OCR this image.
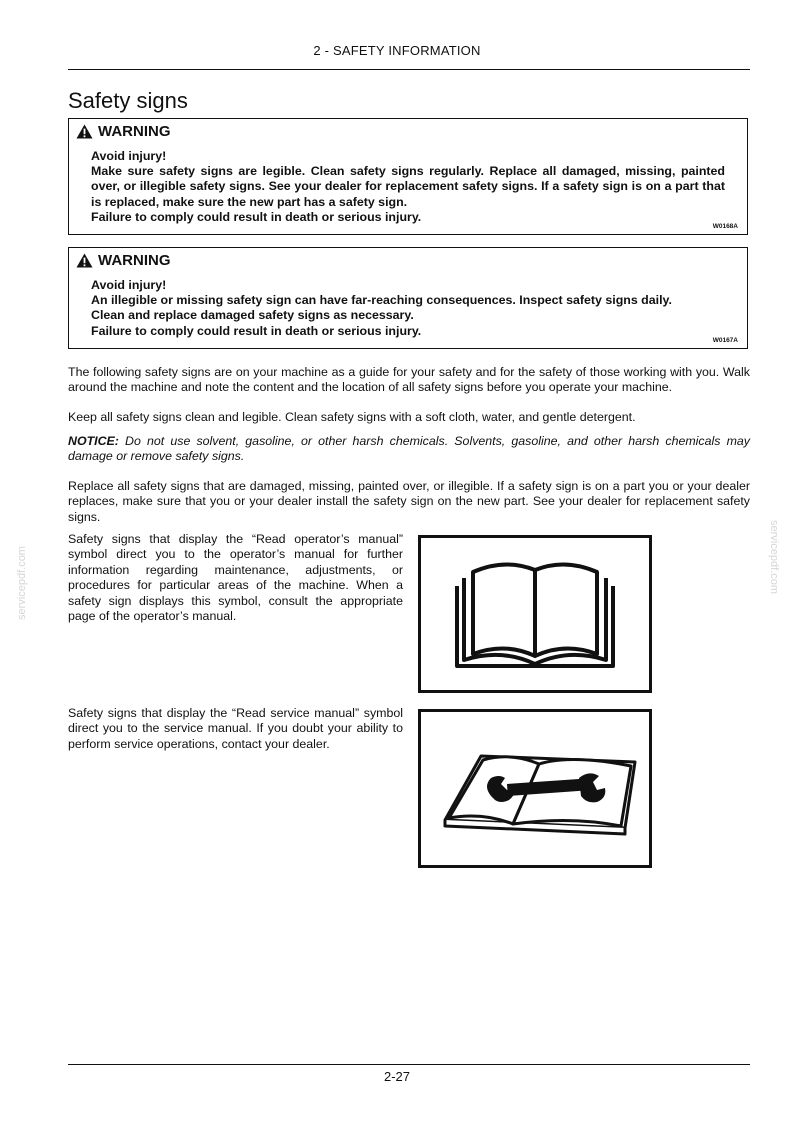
2 - SAFETY INFORMATION
Safety signs
WARNING
Avoid injury!
Make sure safety signs are legible. Clean safety signs regularly. Replace all damaged, missing, painted over, or illegible safety signs. See your dealer for replacement safety signs. If a safety sign is on a part that is replaced, make sure the new part has a safety sign.
Failure to comply could result in death or serious injury.
W0168A
WARNING
Avoid injury!
An illegible or missing safety sign can have far-reaching consequences. Inspect safety signs daily.
Clean and replace damaged safety signs as necessary.
Failure to comply could result in death or serious injury.
W0167A

The following safety signs are on your machine as a guide for your safety and for the safety of those working with you. Walk around the machine and note the content and the location of all safety signs before you operate your machine.

Keep all safety signs clean and legible. Clean safety signs with a soft cloth, water, and gentle detergent.

NOTICE: Do not use solvent, gasoline, or other harsh chemicals. Solvents, gasoline, and other harsh chemicals may damage or remove safety signs.

Replace all safety signs that are damaged, missing, painted over, or illegible. If a safety sign is on a part you or your dealer replaces, make sure that you or your dealer install the safety sign on the new part. See your dealer for replacement safety signs.

Safety signs that display the “Read operator’s manual” symbol direct you to the operator’s manual for further information regarding maintenance, adjustments, or procedures for particular areas of the machine. When a safety sign displays this symbol, consult the appropriate page of the operator’s manual.

Safety signs that display the “Read service manual” symbol direct you to the service manual. If you doubt your ability to perform service operations, contact your dealer.

servicepdf.com	servicepdf.com
2-27
